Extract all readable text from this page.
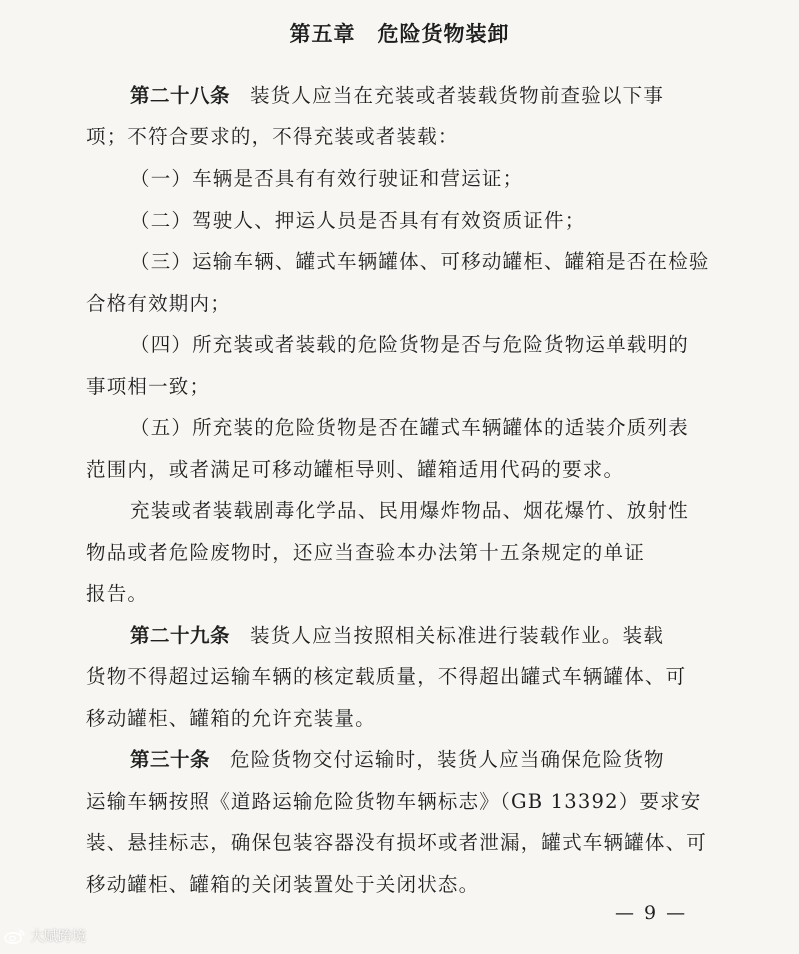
第五章　危险货物装卸
第二十八条 装货人应当在充装或者装载货物前查验以下事
项；不符合要求的，不得充装或者装载：
（一）车辆是否具有有效行驶证和营运证；
（二）驾驶人、押运人员是否具有有效资质证件；
（三）运输车辆、罐式车辆罐体、可移动罐柜、罐箱是否在检验
合格有效期内；
（四）所充装或者装载的危险货物是否与危险货物运单载明的
事项相一致；
（五）所充装的危险货物是否在罐式车辆罐体的适装介质列表
范围内，或者满足可移动罐柜导则、罐箱适用代码的要求。
充装或者装载剧毒化学品、民用爆炸物品、烟花爆竹、放射性
物品或者危险废物时，还应当查验本办法第十五条规定的单证
报告。
第二十九条 装货人应当按照相关标准进行装载作业。装载
货物不得超过运输车辆的核定载质量，不得超出罐式车辆罐体、可
移动罐柜、罐箱的允许充装量。
第三十条 危险货物交付运输时，装货人应当确保危险货物
运输车辆按照《道路运输危险货物车辆标志》（GB 13392）要求安
装、悬挂标志，确保包装容器没有损坏或者泄漏，罐式车辆罐体、可
移动罐柜、罐箱的关闭装置处于关闭状态。
— 9 —
大赋跨境
